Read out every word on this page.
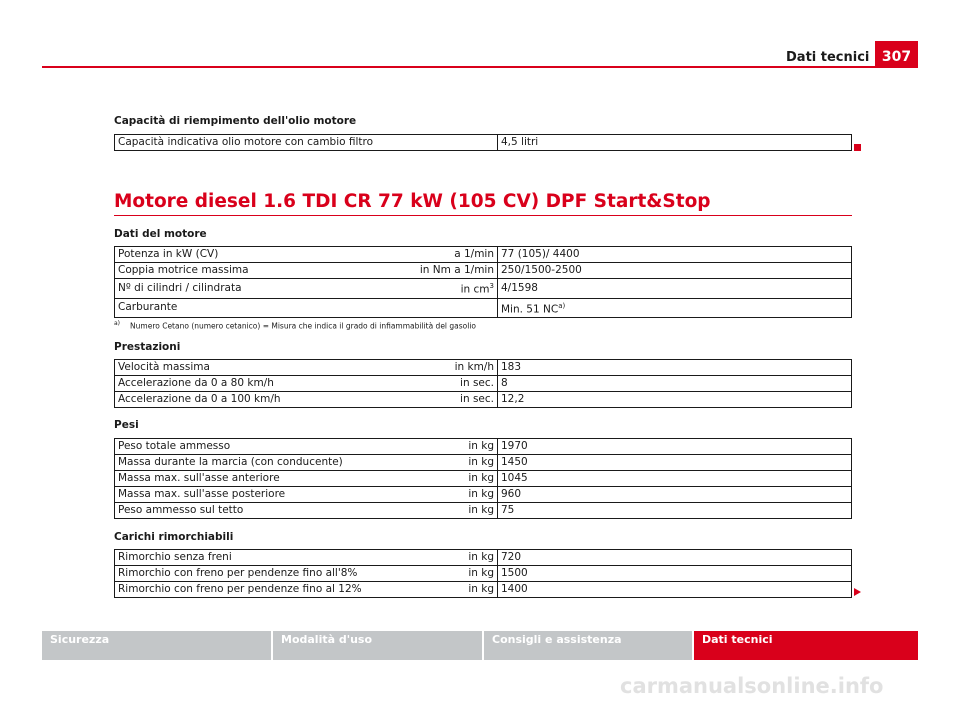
Dati tecnici 307
Capacità di riempimento dell'olio motore
Capacità indicativa olio motore con cambio filtro	4,5 litri
Motore diesel 1.6 TDI CR 77 kW (105 CV) DPF Start&Stop
Dati del motore
Potenza in kW (CV)	a 1/min	77 (105)/ 4400
Coppia motrice massima	in Nm a 1/min	250/1500-2500
Nº di cilindri / cilindrata	in $cm^3$	4/1598
Carburante		Min. 51 NC$^{a)}$
$^{a)}$ Numero Cetano (numero cetanico) = Misura che indica il grado di infiammabilità del gasolio
Prestazioni
Velocità massima	in km/h	183
Accelerazione da 0 a 80 km/h	in sec.	8
Accelerazione da 0 a 100 km/h	in sec.	12,2
Pesi
Peso totale ammesso	in kg	1970
Massa durante la marcia (con conducente)	in kg	1450
Massa max. sull'asse anteriore	in kg	1045
Massa max. sull'asse posteriore	in kg	960
Peso ammesso sul tetto	in kg	75
Carichi rimorchiabili
Rimorchio senza freni	in kg	720
Rimorchio con freno per pendenze fino all'8%	in kg	1500
Rimorchio con freno per pendenze fino al 12%	in kg	1400
Sicurezza	Modalità d'uso	Consigli e assistenza	Dati tecnici
carmanualsonline.info
